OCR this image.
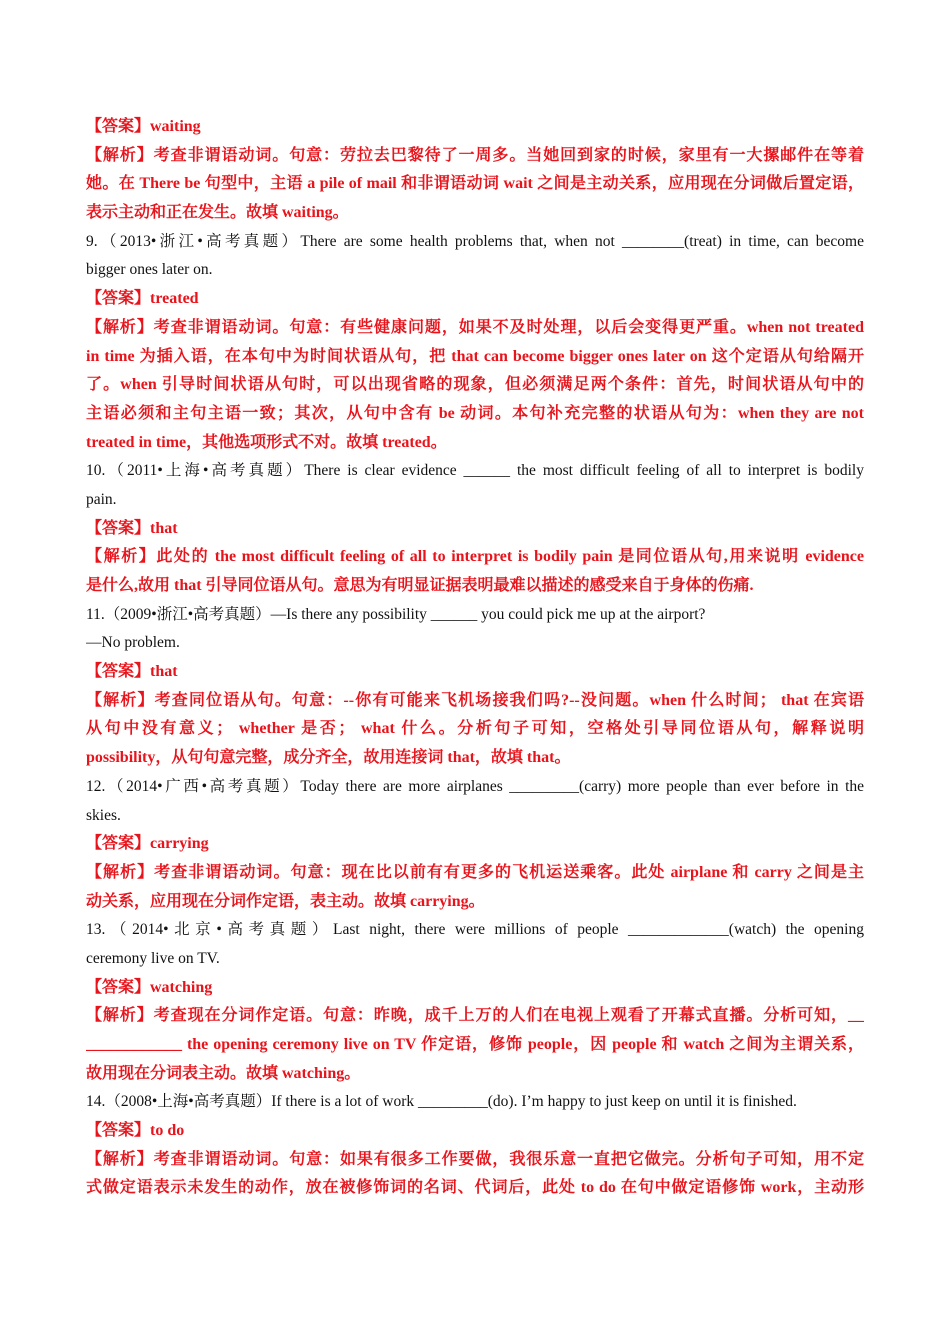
【答案】waiting
【解析】考查非谓语动词。句意：劳拉去巴黎待了一周多。当她回到家的时候，家里有一大摞邮件在等着
她。在 There be 句型中，主语 a pile of mail 和非谓语动词 wait 之间是主动关系，应用现在分词做后置定语，
表示主动和正在发生。故填 waiting。
9.（2013•浙江•高考真题）There are some health problems that, when not ________(treat) in time, can become
bigger ones later on.
【答案】treated
【解析】考查非谓语动词。句意：有些健康问题，如果不及时处理，以后会变得更严重。when not treated
in time 为插入语，在本句中为时间状语从句，把 that can become bigger ones later on 这个定语从句给隔开
了。when 引导时间状语从句时，可以出现省略的现象，但必须满足两个条件：首先，时间状语从句中的
主语必须和主句主语一致；其次，从句中含有 be 动词。本句补充完整的状语从句为：when they are not
treated in time，其他选项形式不对。故填 treated。
10.（2011•上海•高考真题）There is clear evidence ______ the most difficult feeling of all to interpret is bodily
pain.
【答案】that
【解析】此处的 the most difficult feeling of all to interpret is bodily pain 是同位语从句,用来说明 evidence
是什么,故用 that 引导同位语从句。意思为有明显证据表明最难以描述的感受来自于身体的伤痛.
11.（2009•浙江•高考真题）—Is there any possibility ______ you could pick me up at the airport?
—No problem.
【答案】that
【解析】考查同位语从句。句意：--你有可能来飞机场接我们吗?--没问题。when 什么时间； that 在宾语
从句中没有意义； whether 是否； what 什么。分析句子可知，空格处引导同位语从句，解释说明
possibility，从句句意完整，成分齐全，故用连接词 that，故填 that。
12.（2014•广西•高考真题）Today there are more airplanes _________(carry) more people than ever before in the
skies.
【答案】carrying
【解析】考查非谓语动词。句意：现在比以前有有更多的飞机运送乘客。此处 airplane 和 carry 之间是主
动关系，应用现在分词作定语，表主动。故填 carrying。
13.（2014•北京•高考真题）Last night, there were millions of people _____________(watch) the opening
ceremony live on TV.
【答案】watching
【解析】考查现在分词作定语。句意：昨晚，成千上万的人们在电视上观看了开幕式直播。分析可知，__
____________ the opening ceremony live on TV 作定语，修饰 people，因 people 和 watch 之间为主谓关系，
故用现在分词表主动。故填 watching。
14.（2008•上海•高考真题）If there is a lot of work _________(do). I’m happy to just keep on until it is finished.
【答案】to do
【解析】考查非谓语动词。句意：如果有很多工作要做，我很乐意一直把它做完。分析句子可知，用不定
式做定语表示未发生的动作，放在被修饰词的名词、代词后，此处 to do 在句中做定语修饰 work，主动形
